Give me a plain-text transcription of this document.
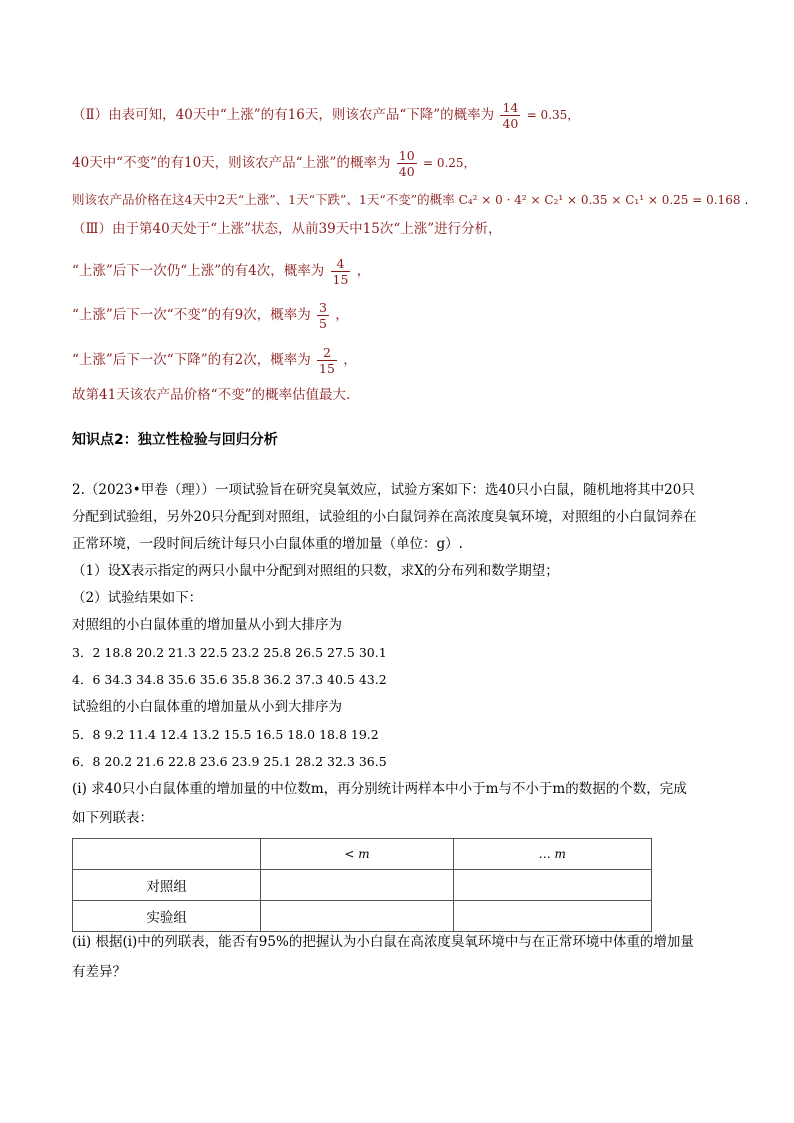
（Ⅱ）由表可知，40天中“上涨”的有16天，则该农产品“下降”的概率为 $\frac{14}{40} = 0.35$，
40天中“不变”的有10天，则该农产品“上涨”的概率为 $\frac{10}{40} = 0.25$，
则该农产品价格在这4天中2天“上涨”、1天“下跌”、1天“不变”的概率 C₄² × 0 · 4² × C₂¹ × 0.35 × C₁¹ × 0.25 = 0.168 .
（Ⅲ）由于第40天处于“上涨”状态，从前39天中15次“上涨”进行分析，
“上涨”后下一次仍“上涨”的有4次，概率为 $\frac{4}{15}$ ，
“上涨”后下一次“不变”的有9次，概率为 $\frac{3}{5}$ ，
“上涨”后下一次“下降”的有2次，概率为 $\frac{2}{15}$ ，
故第41天该农产品价格“不变”的概率估值最大.
知识点2：独立性检验与回归分析
2.（2023•甲卷（理））一项试验旨在研究臭氧效应，试验方案如下：选40只小白鼠，随机地将其中20只
分配到试验组，另外20只分配到对照组，试验组的小白鼠饲养在高浓度臭氧环境，对照组的小白鼠饲养在
正常环境，一段时间后统计每只小白鼠体重的增加量（单位：g）.
（1）设X表示指定的两只小鼠中分配到对照组的只数，求X的分布列和数学期望；
（2）试验结果如下：
对照组的小白鼠体重的增加量从小到大排序为
3．2 18.8 20.2 21.3 22.5 23.2 25.8 26.5 27.5 30.1
4．6 34.3 34.8 35.6 35.6 35.8 36.2 37.3 40.5 43.2
试验组的小白鼠体重的增加量从小到大排序为
5．8 9.2 11.4 12.4 13.2 15.5 16.5 18.0 18.8 19.2
6．8 20.2 21.6 22.8 23.6 23.9 25.1 28.2 32.3 36.5
(i) 求40只小白鼠体重的增加量的中位数m，再分别统计两样本中小于m与不小于m的数据的个数，完成
如下列联表：
	< m	… m
对照组		
实验组		
(ii) 根据(i)中的列联表，能否有95%的把握认为小白鼠在高浓度臭氧环境中与在正常环境中体重的增加量
有差异？
